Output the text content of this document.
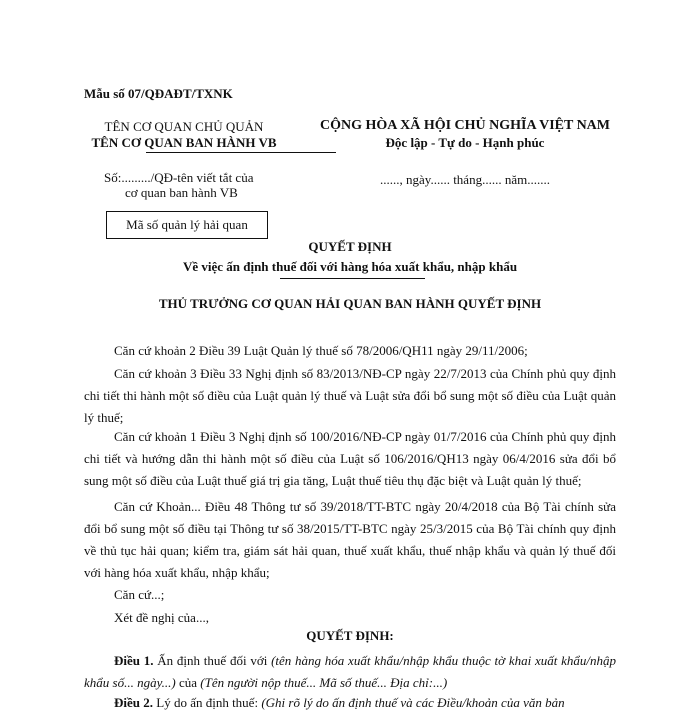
Mẫu số 07/QĐAĐT/TXNK
TÊN CƠ QUAN CHỦ QUẢN
TÊN CƠ QUAN BAN HÀNH VB
Số:........./QĐ-tên viết tắt của
cơ quan ban hành VB
Mã số quản lý hải quan
CỘNG HÒA XÃ HỘI CHỦ NGHĨA VIỆT NAM
Độc lập - Tự do - Hạnh phúc
......, ngày...... tháng...... năm.......
QUYẾT ĐỊNH
Về việc ấn định thuế đối với hàng hóa xuất khẩu, nhập khẩu
THỦ TRƯỞNG CƠ QUAN HẢI QUAN BAN HÀNH QUYẾT ĐỊNH
Căn cứ khoản 2 Điều 39 Luật Quản lý thuế số 78/2006/QH11 ngày 29/11/2006;
Căn cứ khoản 3 Điều 33 Nghị định số 83/2013/NĐ-CP ngày 22/7/2013 của Chính phủ quy định chi tiết thi hành một số điều của Luật quản lý thuế và Luật sửa đổi bổ sung một số điều của Luật quản lý thuế;
Căn cứ khoản 1 Điều 3 Nghị định số 100/2016/NĐ-CP ngày 01/7/2016 của Chính phủ quy định chi tiết và hướng dẫn thi hành một số điều của Luật số 106/2016/QH13 ngày 06/4/2016 sửa đổi bổ sung một số điều của Luật thuế giá trị gia tăng, Luật thuế tiêu thụ đặc biệt và Luật quản lý thuế;
Căn cứ Khoản... Điều 48 Thông tư số 39/2018/TT-BTC ngày 20/4/2018 của Bộ Tài chính sửa đổi bổ sung một số điều tại Thông tư số 38/2015/TT-BTC ngày 25/3/2015 của Bộ Tài chính quy định về thủ tục hải quan; kiểm tra, giám sát hải quan, thuế xuất khẩu, thuế nhập khẩu và quản lý thuế đối với hàng hóa xuất khẩu, nhập khẩu;
Căn cứ...;
Xét đề nghị của...,
QUYẾT ĐỊNH:
Điều 1. Ấn định thuế đối với (tên hàng hóa xuất khẩu/nhập khẩu thuộc tờ khai xuất khẩu/nhập khẩu số... ngày...) của (Tên người nộp thuế... Mã số thuế... Địa chỉ:...)
Điều 2. Lý do ấn định thuế: (Ghi rõ lý do ấn định thuế và các Điều/khoản của văn bản
